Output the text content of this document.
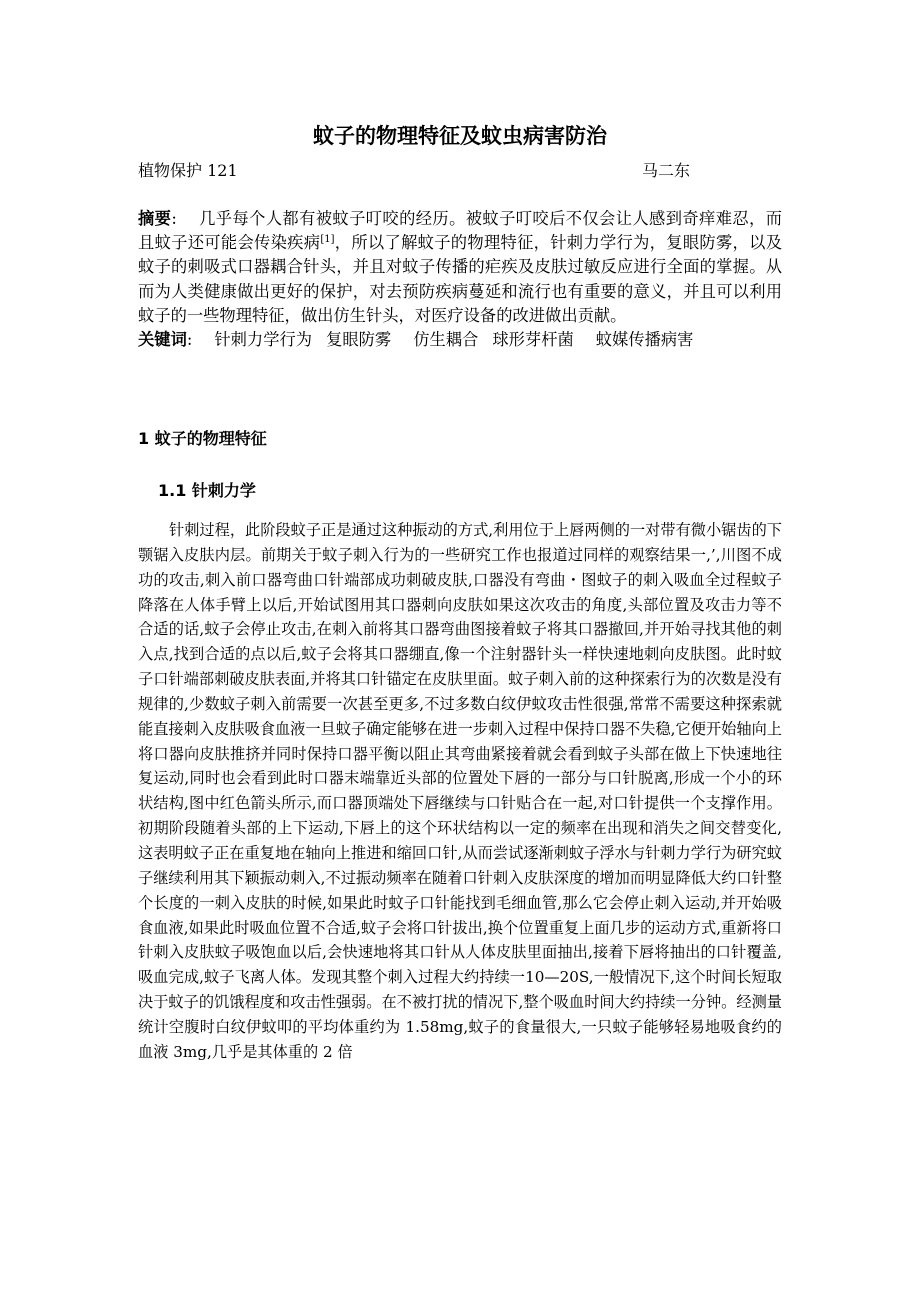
蚊子的物理特征及蚊虫病害防治
植物保护 121	马二东

摘要: 几乎每个人都有被蚊子叮咬的经历。被蚊子叮咬后不仅会让人感到奇痒难忍，而且蚊子还可能会传染疾病[1]，所以了解蚊子的物理特征，针刺力学行为，复眼防雾，以及蚊子的刺吸式口器耦合针头，并且对蚊子传播的疟疾及皮肤过敏反应进行全面的掌握。从而为人类健康做出更好的保护，对去预防疾病蔓延和流行也有重要的意义，并且可以利用蚊子的一些物理特征，做出仿生针头，对医疗设备的改进做出贡献。

关键词: 针刺力学行为 复眼防雾 仿生耦合 球形芽杆菌 蚊媒传播病害

1 蚊子的物理特征
1.1 针刺力学

针刺过程，此阶段蚊子正是通过这种振动的方式,利用位于上唇两侧的一对带有微小锯齿的下颚锯入皮肤内层。前期关于蚊子刺入行为的一些研究工作也报道过同样的观察结果一,’,川图不成功的攻击,刺入前口器弯曲口针端部成功刺破皮肤,口器没有弯曲・图蚊子的刺入吸血全过程蚊子降落在人体手臂上以后,开始试图用其口器刺向皮肤如果这次攻击的角度,头部位置及攻击力等不合适的话,蚊子会停止攻击,在刺入前将其口器弯曲图接着蚊子将其口器撤回,并开始寻找其他的刺入点,找到合适的点以后,蚊子会将其口器绷直,像一个注射器针头一样快速地刺向皮肤图。此时蚊子口针端部刺破皮肤表面,并将其口针锚定在皮肤里面。蚊子刺入前的这种探索行为的次数是没有规律的,少数蚊子刺入前需要一次甚至更多,不过多数白纹伊蚊攻击性很强,常常不需要这种探索就能直接刺入皮肤吸食血液一旦蚊子确定能够在进一步刺入过程中保持口器不失稳,它便开始轴向上将口器向皮肤推挤并同时保持口器平衡以阻止其弯曲紧接着就会看到蚊子头部在做上下快速地往复运动,同时也会看到此时口器末端靠近头部的位置处下唇的一部分与口针脱离,形成一个小的环状结构,图中红色箭头所示,而口器顶端处下唇继续与口针贴合在一起,对口针提供一个支撑作用。初期阶段随着头部的上下运动,下唇上的这个环状结构以一定的频率在出现和消失之间交替变化,这表明蚊子正在重复地在轴向上推进和缩回口针,从而尝试逐渐刺蚊子浮水与针刺力学行为研究蚊子继续利用其下颖振动刺入,不过振动频率在随着口针刺入皮肤深度的增加而明显降低大约口针整个长度的一刺入皮肤的时候,如果此时蚊子口针能找到毛细血管,那么它会停止刺入运动,并开始吸食血液,如果此时吸血位置不合适,蚊子会将口针拔出,换个位置重复上面几步的运动方式,重新将口针刺入皮肤蚊子吸饱血以后,会快速地将其口针从人体皮肤里面抽出,接着下唇将抽出的口针覆盖,吸血完成,蚊子飞离人体。发现其整个刺入过程大约持续一10—20S,一般情况下,这个时间长短取决于蚊子的饥饿程度和攻击性强弱。在不被打扰的情况下,整个吸血时间大约持续一分钟。经测量统计空腹时白纹伊蚊叩的平均体重约为 1.58mg,蚊子的食量很大,一只蚊子能够轻易地吸食约的血液 3mg,几乎是其体重的 2 倍
